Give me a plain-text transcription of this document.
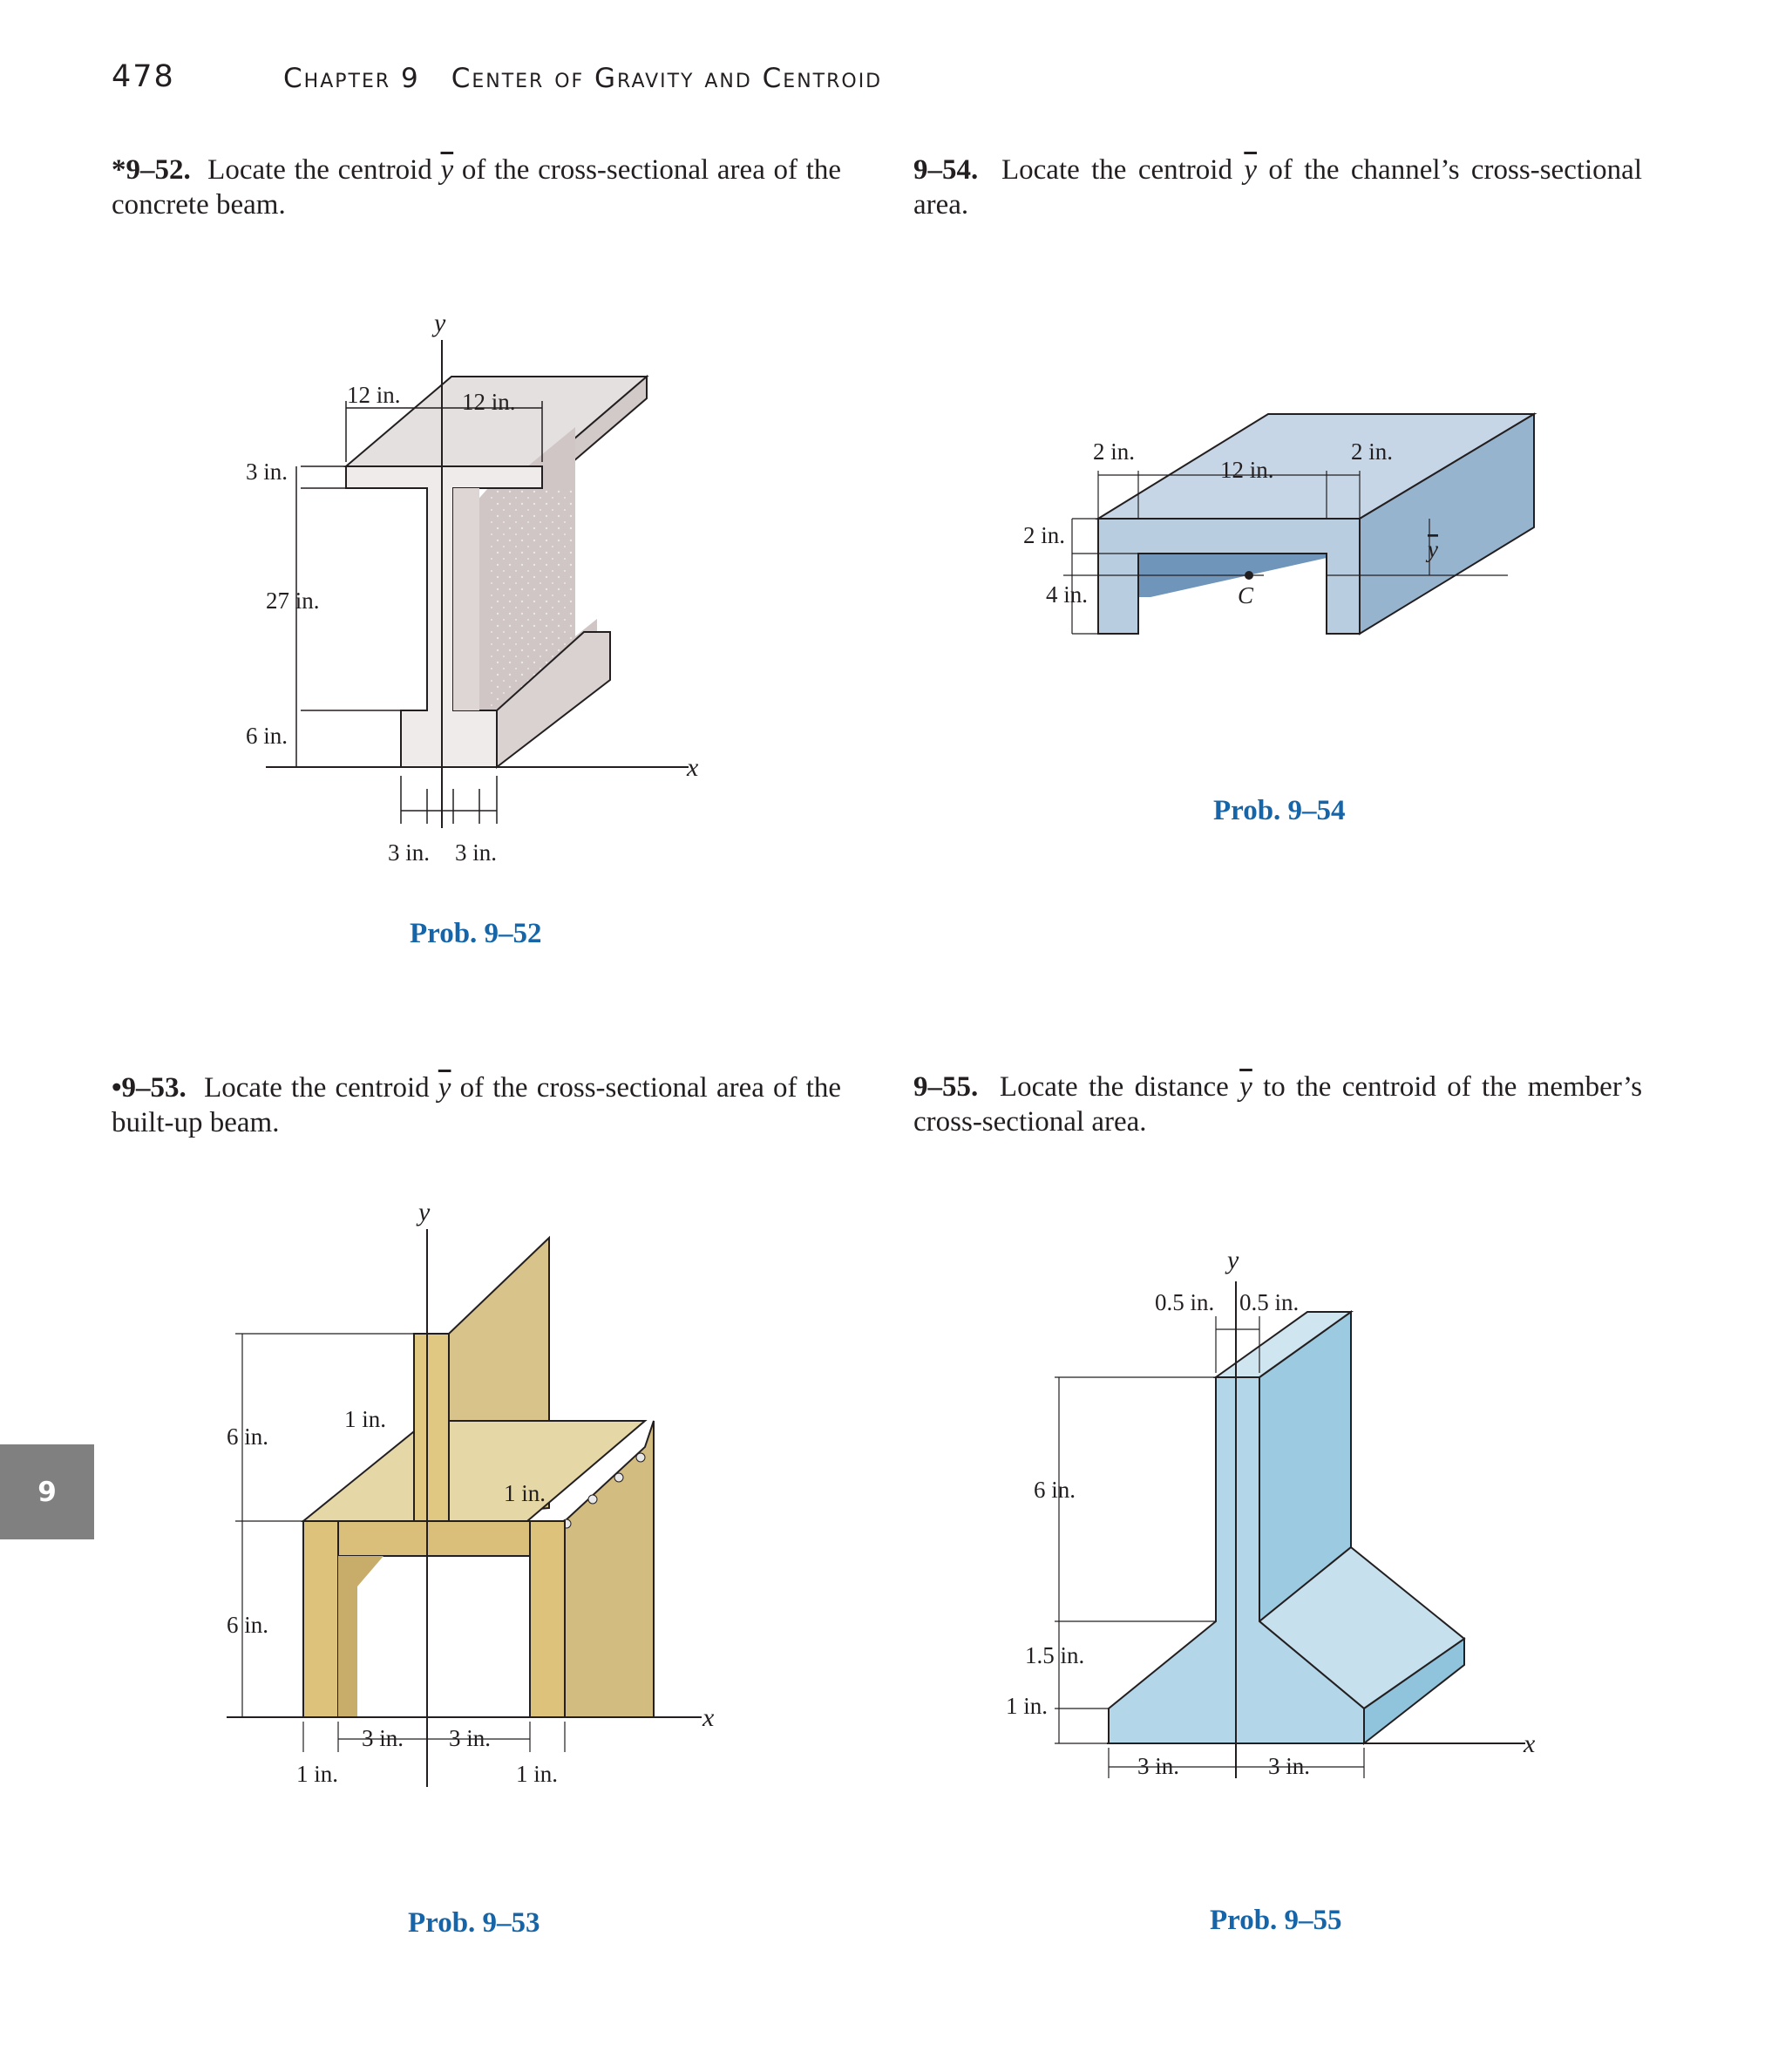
478	Chapter 9 Center of Gravity and Centroid
9
*9–52. Locate the centroid $\overline{y}$ of the cross-sectional area of the concrete beam.
9–54. Locate the centroid $\overline{y}$ of the channel’s cross-sectional area.
•9–53. Locate the centroid $\overline{y}$ of the cross-sectional area of the built-up beam.
9–55. Locate the distance $\overline{y}$ to the centroid of the member’s cross-sectional area.
y
x
12 in.	12 in.
3 in.
27 in.
6 in.
3 in. 3 in.
Prob. 9–52
C
2 in.
12 in.
2 in.
2 in.
4 in.
y
Prob. 9–54
y
x
6 in.
6 in.
1 in.
1 in.
3 in. 3 in.
1 in.	1 in.
Prob. 9–53
y
x
0.5 in. 0.5 in.
6 in.
1.5 in.
1 in.
3 in.	3 in.
Prob. 9–55
